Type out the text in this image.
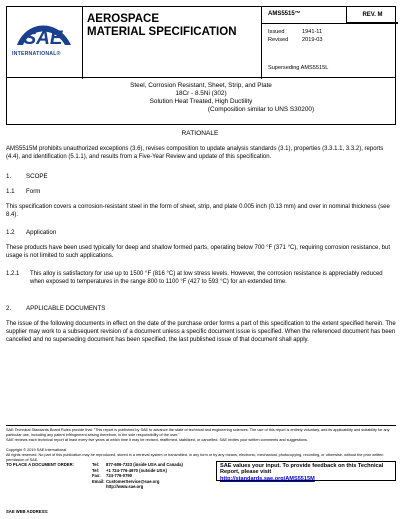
SAE
INTERNATIONAL®
AEROSPACE
MATERIAL SPECIFICATION
AMS5515™	REV. M
Issued	1941-11
Revised 2019-03
Superseding AMS5515L
Steel, Corrosion Resistant, Sheet, Strip, and Plate
18Cr - 8.5Ni (302)
Solution Heat Treated, High Ductility
(Composition similar to UNS S30200)
RATIONALE
AMS5515M prohibits unauthorized exceptions (3.6), revises composition to update analysis standards (3.1), properties (3.3.1.1, 3.3.2), reports (4.4), and identification (5.1.1), and results from a Five-Year Review and update of this specification.
1. SCOPE
1.1 Form
This specification covers a corrosion-resistant steel in the form of sheet, strip, and plate 0.005 inch (0.13 mm) and over in nominal thickness (see 8.4).
1.2 Application
These products have been used typically for deep and shallow formed parts, operating below 700 °F (371 °C), requiring corrosion resistance, but usage is not limited to such applications.
1.2.1 This alloy is satisfactory for use up to 1500 °F (816 °C) at low stress levels. However, the corrosion resistance is appreciably reduced when exposed to temperatures in the range 800 to 1100 °F (427 to 593 °C) for an extended time.
2. APPLICABLE DOCUMENTS
The issue of the following documents in effect on the date of the purchase order forms a part of this specification to the extent specified herein. The supplier may work to a subsequent revision of a document unless a specific document issue is specified. When the referenced document has been cancelled and no superseding document has been specified, the last published issue of that document shall apply.
SAE Technical Standards Board Rules provide that: "This report is published by SAE to advance the state of technical and engineering sciences. The use of this report is entirely voluntary, and its applicability and suitability for any particular use, including any patent infringement arising therefrom, is the sole responsibility of the user."
SAE reviews each technical report at least every five years at which time it may be revised, reaffirmed, stabilized, or cancelled. SAE invites your written comments and suggestions.
Copyright © 2019 SAE International
All rights reserved. No part of this publication may be reproduced, stored in a retrieval system or transmitted, in any form or by any means, electronic, mechanical, photocopying, recording, or otherwise, without the prior written permission of SAE.
TO PLACE A DOCUMENT ORDER:	Tel: 877-606-7323 (inside USA and Canada)
Tel: +1 724-776-4970 (outside USA)
Fax: 724-776-0790
Email:CustomerService@sae.org
http://www.sae.org
SAE WEB ADDRESS:
SAE values your input. To provide feedback on this Technical Report, please visit
http://standards.sae.org/AMS5515M
